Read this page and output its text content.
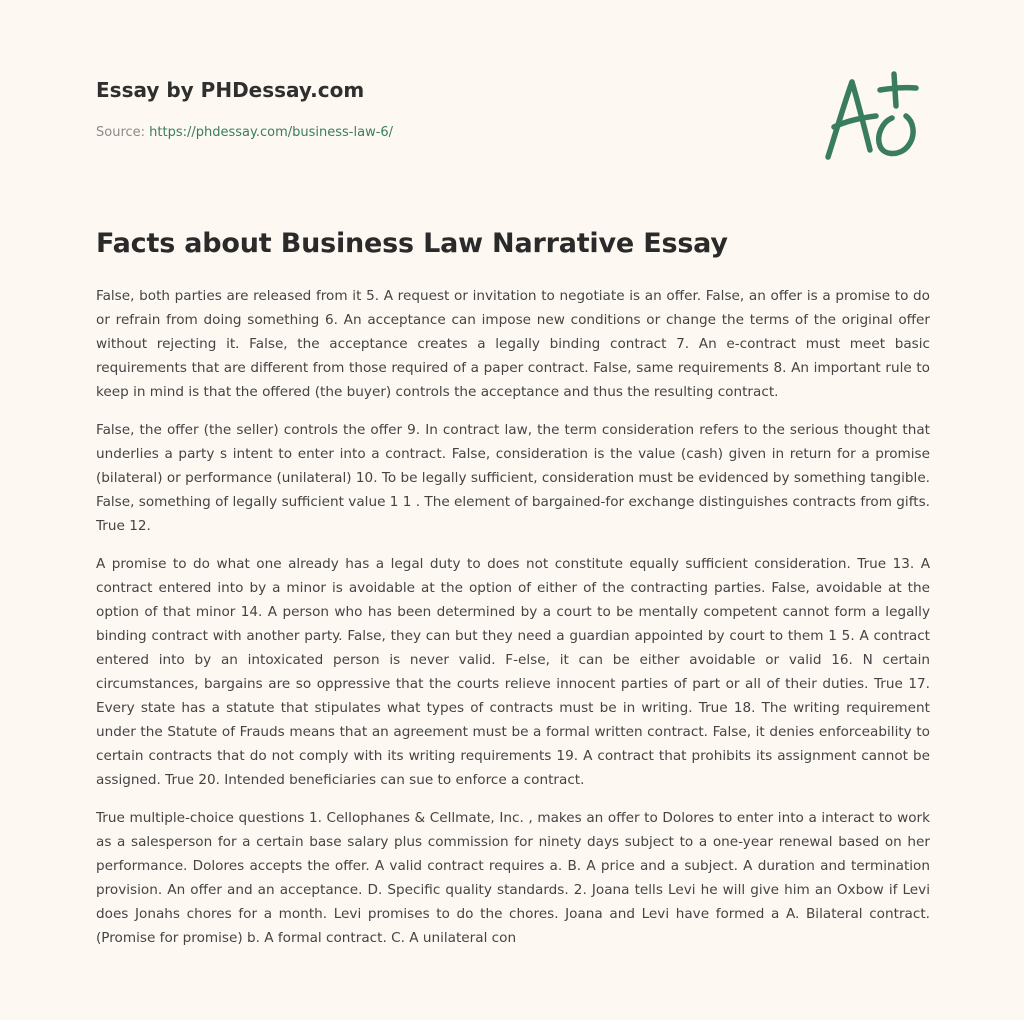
Essay by PHDessay.com

Source: https://phdessay.com/business-law-6/

Facts about Business Law Narrative Essay

False, both parties are released from it 5. A request or invitation to negotiate is an offer. False, an offer is a promise to do or refrain from doing something 6. An acceptance can impose new conditions or change the terms of the original offer without rejecting it. False, the acceptance creates a legally binding contract 7. An e-contract must meet basic requirements that are different from those required of a paper contract. False, same requirements 8. An important rule to keep in mind is that the offered (the buyer) controls the acceptance and thus the resulting contract.

False, the offer (the seller) controls the offer 9. In contract law, the term consideration refers to the serious thought that underlies a party s intent to enter into a contract. False, consideration is the value (cash) given in return for a promise (bilateral) or performance (unilateral) 10. To be legally sufficient, consideration must be evidenced by something tangible. False, something of legally sufficient value 1 1 . The element of bargained-for exchange distinguishes contracts from gifts. True 12.

A promise to do what one already has a legal duty to does not constitute equally sufficient consideration. True 13. A contract entered into by a minor is avoidable at the option of either of the contracting parties. False, avoidable at the option of that minor 14. A person who has been determined by a court to be mentally competent cannot form a legally binding contract with another party. False, they can but they need a guardian appointed by court to them 1 5. A contract entered into by an intoxicated person is never valid. F-else, it can be either avoidable or valid 16. N certain circumstances, bargains are so oppressive that the courts relieve innocent parties of part or all of their duties. True 17. Every state has a statute that stipulates what types of contracts must be in writing. True 18. The writing requirement under the Statute of Frauds means that an agreement must be a formal written contract. False, it denies enforceability to certain contracts that do not comply with its writing requirements 19. A contract that prohibits its assignment cannot be assigned. True 20. Intended beneficiaries can sue to enforce a contract.

True multiple-choice questions 1. Cellophanes & Cellmate, Inc. , makes an offer to Dolores to enter into a interact to work as a salesperson for a certain base salary plus commission for ninety days subject to a one-year renewal based on her performance. Dolores accepts the offer. A valid contract requires a. B. A price and a subject. A duration and termination provision. An offer and an acceptance. D. Specific quality standards. 2. Joana tells Levi he will give him an Oxbow if Levi does Jonahs chores for a month. Levi promises to do the chores. Joana and Levi have formed a A. Bilateral contract. (Promise for promise) b. A formal contract. C. A unilateral con
